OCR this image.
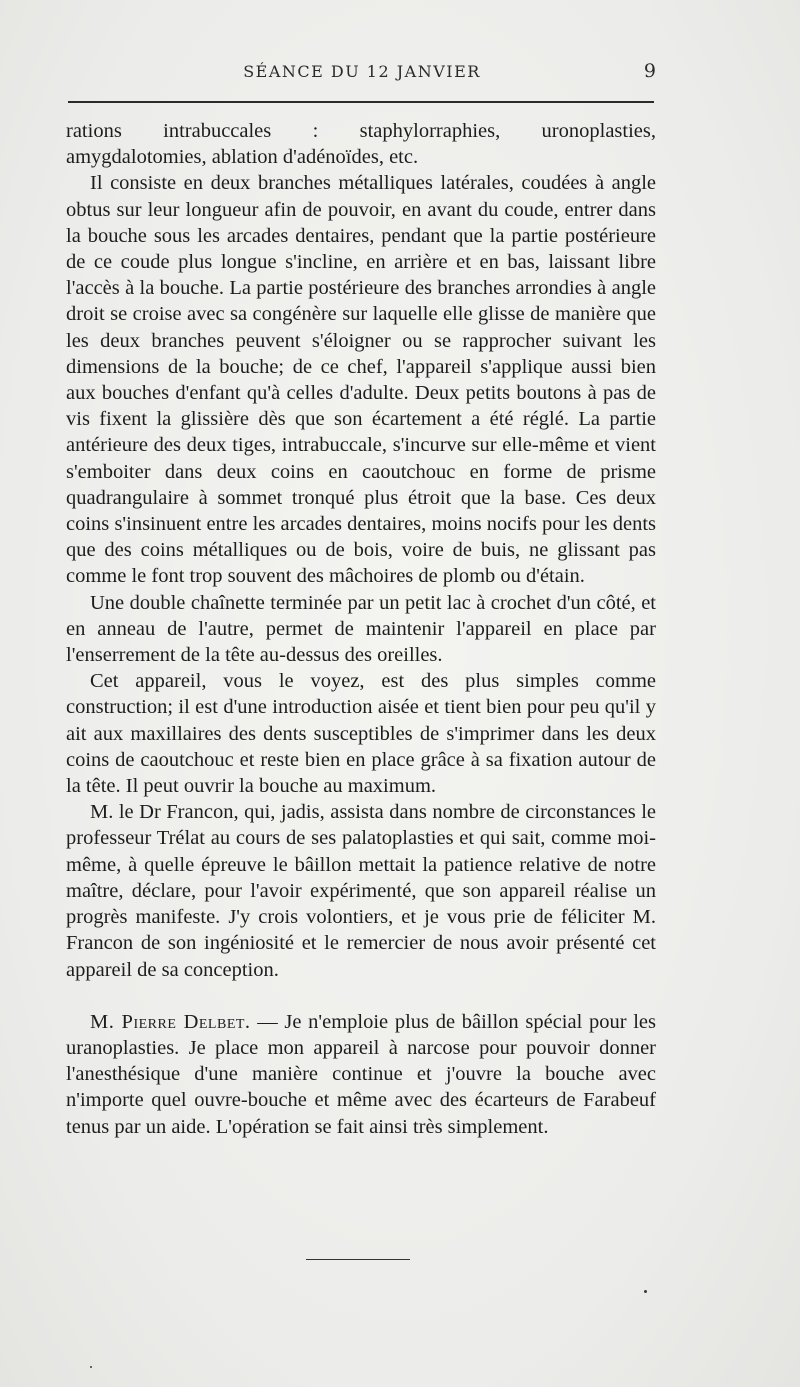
SÉANCE DU 12 JANVIER	9

rations intrabuccales : staphylorraphies, uronoplasties, amygdalotomies, ablation d'adénoïdes, etc.

Il consiste en deux branches métalliques latérales, coudées à angle obtus sur leur longueur afin de pouvoir, en avant du coude, entrer dans la bouche sous les arcades dentaires, pendant que la partie postérieure de ce coude plus longue s'incline, en arrière et en bas, laissant libre l'accès à la bouche. La partie postérieure des branches arrondies à angle droit se croise avec sa congénère sur laquelle elle glisse de manière que les deux branches peuvent s'éloigner ou se rapprocher suivant les dimensions de la bouche; de ce chef, l'appareil s'applique aussi bien aux bouches d'enfant qu'à celles d'adulte. Deux petits boutons à pas de vis fixent la glissière dès que son écartement a été réglé. La partie antérieure des deux tiges, intrabuccale, s'incurve sur elle-même et vient s'emboiter dans deux coins en caoutchouc en forme de prisme quadrangulaire à sommet tronqué plus étroit que la base. Ces deux coins s'insinuent entre les arcades dentaires, moins nocifs pour les dents que des coins métalliques ou de bois, voire de buis, ne glissant pas comme le font trop souvent des mâchoires de plomb ou d'étain.

Une double chaînette terminée par un petit lac à crochet d'un côté, et en anneau de l'autre, permet de maintenir l'appareil en place par l'enserrement de la tête au-dessus des oreilles.

Cet appareil, vous le voyez, est des plus simples comme construction; il est d'une introduction aisée et tient bien pour peu qu'il y ait aux maxillaires des dents susceptibles de s'imprimer dans les deux coins de caoutchouc et reste bien en place grâce à sa fixation autour de la tête. Il peut ouvrir la bouche au maximum.

M. le Dr Francon, qui, jadis, assista dans nombre de circonstances le professeur Trélat au cours de ses palatoplasties et qui sait, comme moi-même, à quelle épreuve le bâillon mettait la patience relative de notre maître, déclare, pour l'avoir expérimenté, que son appareil réalise un progrès manifeste. J'y crois volontiers, et je vous prie de féliciter M. Francon de son ingéniosité et le remercier de nous avoir présenté cet appareil de sa conception.

M. Pierre Delbet. — Je n'emploie plus de bâillon spécial pour les uranoplasties. Je place mon appareil à narcose pour pouvoir donner l'anesthésique d'une manière continue et j'ouvre la bouche avec n'importe quel ouvre-bouche et même avec des écarteurs de Farabeuf tenus par un aide. L'opération se fait ainsi très simplement.
